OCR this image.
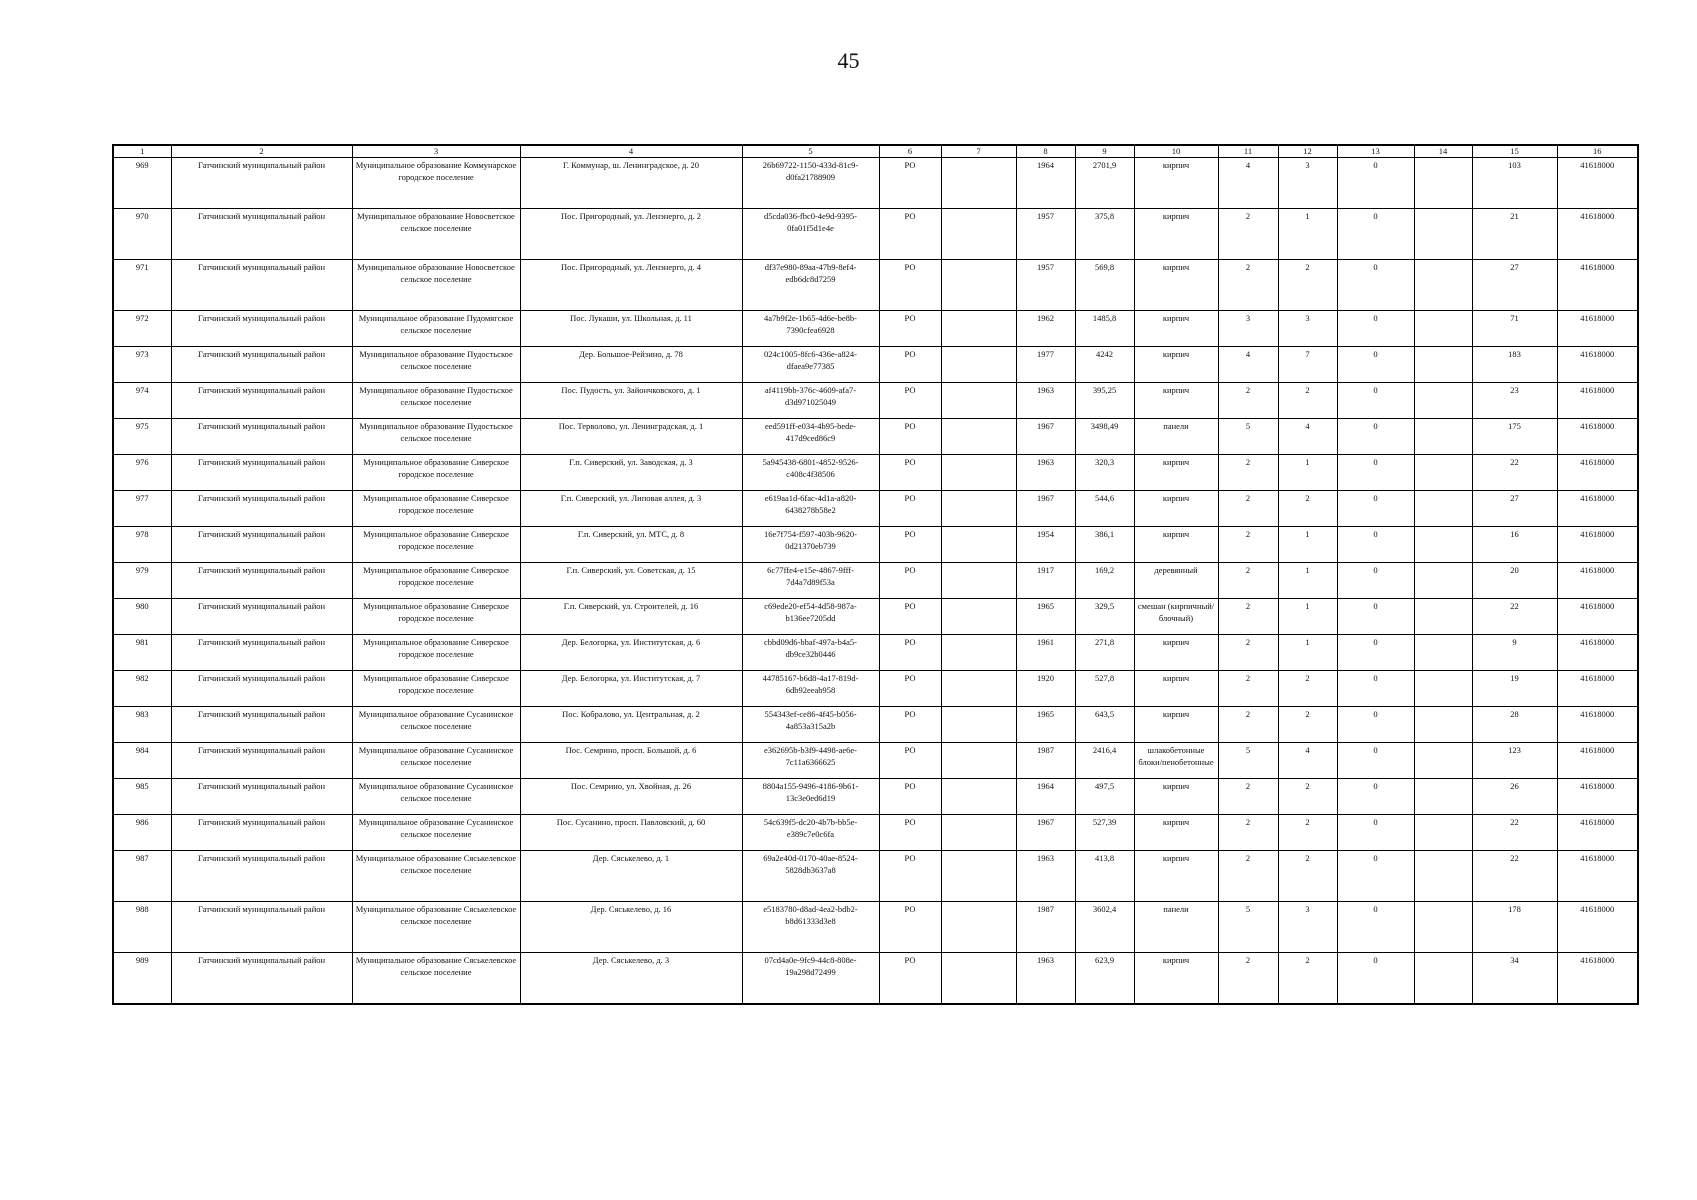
45
1	2	3	4	5	6	7	8	9	10	11	12	13	14	15	16
969	Гатчинский муниципальный район	Муниципальное образование Коммунарское городское поселение	Г. Коммунар, ш. Ленинградское, д. 20	26b69722-1150-433d-81c9-d0fa21788909	РО		1964	2701,9	кирпич	4	3	0		103	41618000
970	Гатчинский муниципальный район	Муниципальное образование Новосветское сельское поселение	Пос. Пригородный, ул. Ленэнерго, д. 2	d5cda036-fbc0-4e9d-9395-0fa01f5d1e4e	РО		1957	375,8	кирпич	2	1	0		21	41618000
971	Гатчинский муниципальный район	Муниципальное образование Новосветское сельское поселение	Пос. Пригородный, ул. Ленэнерго, д. 4	df37e980-89aa-47b9-8ef4-edb6dc8d7259	РО		1957	569,8	кирпич	2	2	0		27	41618000
972	Гатчинский муниципальный район	Муниципальное образование Пудомягское сельское поселение	Пос. Лукаши, ул. Школьная, д. 11	4a7b9f2e-1b65-4d6e-be8b-7390cfea6928	РО		1962	1485,8	кирпич	3	3	0		71	41618000
973	Гатчинский муниципальный район	Муниципальное образование Пудостьское сельское поселение	Дер. Большое-Рейзино, д. 78	024c1005-8fc6-436e-a824-dfaea9e77385	РО		1977	4242	кирпич	4	7	0		183	41618000
974	Гатчинский муниципальный район	Муниципальное образование Пудостьское сельское поселение	Пос. Пудость, ул. Зайончковского, д. 1	af4119bb-376c-4609-afa7-d3d971025049	РО		1963	395,25	кирпич	2	2	0		23	41618000
975	Гатчинский муниципальный район	Муниципальное образование Пудостьское сельское поселение	Пос. Терволово, ул. Ленинградская, д. 1	eed591ff-e034-4b95-bede-417d9ced86c9	РО		1967	3498,49	панели	5	4	0		175	41618000
976	Гатчинский муниципальный район	Муниципальное образование Сиверское городское поселение	Г.п. Сиверский, ул. Заводская, д. 3	5a945438-6801-4852-9526-c408c4f38506	РО		1963	320,3	кирпич	2	1	0		22	41618000
977	Гатчинский муниципальный район	Муниципальное образование Сиверское городское поселение	Г.п. Сиверский, ул. Липовая аллея, д. 3	e619aa1d-6fac-4d1a-a820-6438278b58e2	РО		1967	544,6	кирпич	2	2	0		27	41618000
978	Гатчинский муниципальный район	Муниципальное образование Сиверское городское поселение	Г.п. Сиверский, ул. МТС, д. 8	16e7f754-f597-403b-9620-0d21370eb739	РО		1954	386,1	кирпич	2	1	0		16	41618000
979	Гатчинский муниципальный район	Муниципальное образование Сиверское городское поселение	Г.п. Сиверский, ул. Советская, д. 15	6c77ffe4-e15e-4867-9fff-7d4a7d89f53a	РО		1917	169,2	деревянный	2	1	0		20	41618000
980	Гатчинский муниципальный район	Муниципальное образование Сиверское городское поселение	Г.п. Сиверский, ул. Строителей, д. 16	c69ede20-ef54-4d58-987a-b136ee7205dd	РО		1965	329,5	смешан (кирпичный/блочный)	2	1	0		22	41618000
981	Гатчинский муниципальный район	Муниципальное образование Сиверское городское поселение	Дер. Белогорка, ул. Институтская, д. 6	cbbd09d6-bbaf-497a-b4a5-db9ce32b0446	РО		1961	271,8	кирпич	2	1	0		9	41618000
982	Гатчинский муниципальный район	Муниципальное образование Сиверское городское поселение	Дер. Белогорка, ул. Институтская, д. 7	44785167-b6d8-4a17-819d-6db92eeab958	РО		1920	527,8	кирпич	2	2	0		19	41618000
983	Гатчинский муниципальный район	Муниципальное образование Сусанинское сельское поселение	Пос. Кобралово, ул. Центральная, д. 2	554343ef-ce86-4f45-b056-4a853a315a2b	РО		1965	643,5	кирпич	2	2	0		28	41618000
984	Гатчинский муниципальный район	Муниципальное образование Сусанинское сельское поселение	Пос. Семрино, просп. Большой, д. 6	e362695b-b3f9-4498-ae6e-7c11a6366625	РО		1987	2416,4	шлакобетонные блоки/пенобетонные	5	4	0		123	41618000
985	Гатчинский муниципальный район	Муниципальное образование Сусанинское сельское поселение	Пос. Семрино, ул. Хвойная, д. 26	8804a155-9496-4186-9b61-13c3e0ed6d19	РО		1964	497,5	кирпич	2	2	0		26	41618000
986	Гатчинский муниципальный район	Муниципальное образование Сусанинское сельское поселение	Пос. Сусанино, просп. Павловский, д. 60	54c639f5-dc20-4b7b-bb5e-e389c7e0c6fa	РО		1967	527,39	кирпич	2	2	0		22	41618000
987	Гатчинский муниципальный район	Муниципальное образование Сяськелевское сельское поселение	Дер. Сяськелево, д. 1	69a2e40d-0170-40ae-8524-5828db3637a8	РО		1963	413,8	кирпич	2	2	0		22	41618000
988	Гатчинский муниципальный район	Муниципальное образование Сяськелевское сельское поселение	Дер. Сяськелево, д. 16	e5183780-d8ad-4ea2-bdb2-b8d61333d3e8	РО		1987	3602,4	панели	5	3	0		178	41618000
989	Гатчинский муниципальный район	Муниципальное образование Сяськелевское сельское поселение	Дер. Сяськелево, д. 3	07cd4a0e-9fc9-44c8-808e-19a298d72499	РО		1963	623,9	кирпич	2	2	0		34	41618000
